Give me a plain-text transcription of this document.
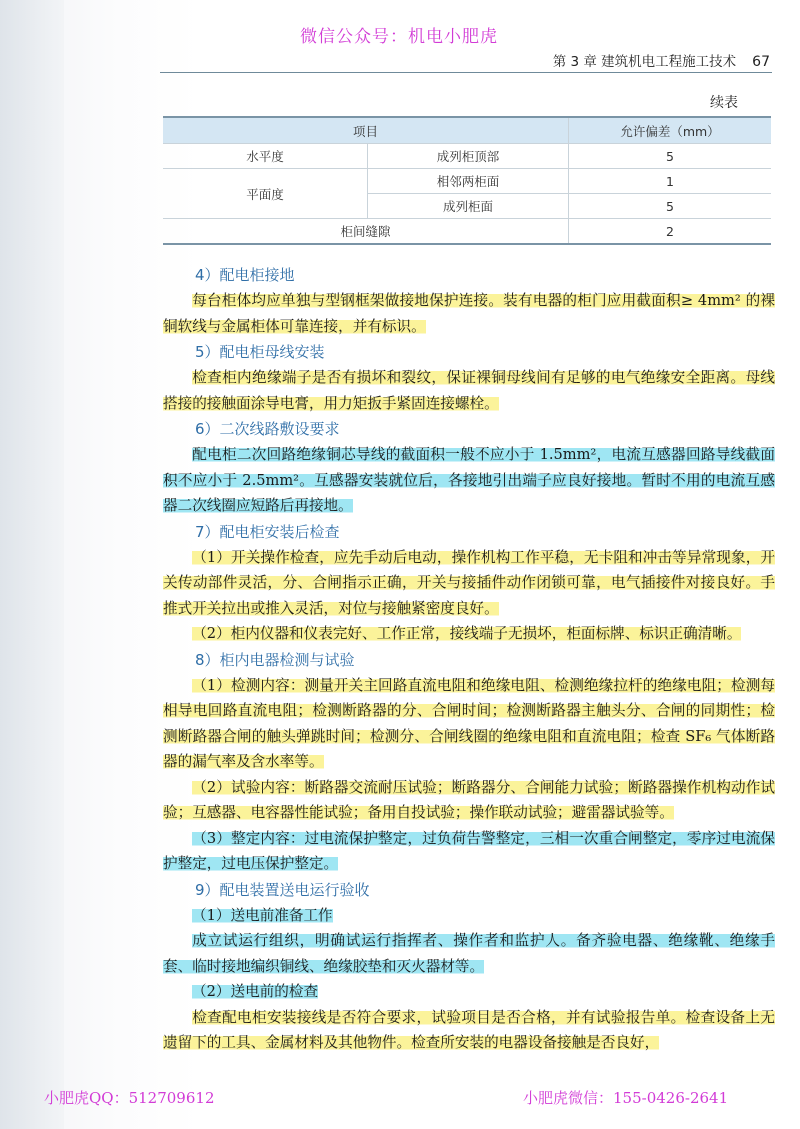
微信公众号：机电小肥虎
第 3 章 建筑机电工程施工技术 67
续表
项目		允许偏差（mm）
水平度	成列柜顶部	5
平面度	相邻两柜面	1
	成列柜面	5
柜间缝隙		2
4）配电柜接地

每台柜体均应单独与型钢框架做接地保护连接。装有电器的柜门应用截面积≥ 4mm² 的裸铜软线与金属柜体可靠连接，并有标识。

5）配电柜母线安装

检查柜内绝缘端子是否有损坏和裂纹，保证裸铜母线间有足够的电气绝缘安全距离。母线搭接的接触面涂导电膏，用力矩扳手紧固连接螺栓。

6）二次线路敷设要求

配电柜二次回路绝缘铜芯导线的截面积一般不应小于 1.5mm²，电流互感器回路导线截面积不应小于 2.5mm²。互感器安装就位后，各接地引出端子应良好接地。暂时不用的电流互感器二次线圈应短路后再接地。

7）配电柜安装后检查

（1）开关操作检查，应先手动后电动，操作机构工作平稳，无卡阻和冲击等异常现象，开关传动部件灵活，分、合闸指示正确，开关与接插件动作闭锁可靠，电气插接件对接良好。手推式开关拉出或推入灵活，对位与接触紧密度良好。

（2）柜内仪器和仪表完好、工作正常，接线端子无损坏，柜面标牌、标识正确清晰。

8）柜内电器检测与试验

（1）检测内容：测量开关主回路直流电阻和绝缘电阻、检测绝缘拉杆的绝缘电阻；检测每相导电回路直流电阻；检测断路器的分、合闸时间；检测断路器主触头分、合闸的同期性；检测断路器合闸的触头弹跳时间；检测分、合闸线圈的绝缘电阻和直流电阻；检查 SF₆ 气体断路器的漏气率及含水率等。

（2）试验内容：断路器交流耐压试验；断路器分、合闸能力试验；断路器操作机构动作试验；互感器、电容器性能试验；备用自投试验；操作联动试验；避雷器试验等。

（3）整定内容：过电流保护整定，过负荷告警整定，三相一次重合闸整定，零序过电流保护整定，过电压保护整定。

9）配电装置送电运行验收

（1）送电前准备工作

成立试运行组织，明确试运行指挥者、操作者和监护人。备齐验电器、绝缘靴、绝缘手套、临时接地编织铜线、绝缘胶垫和灭火器材等。

（2）送电前的检查

检查配电柜安装接线是否符合要求，试验项目是否合格，并有试验报告单。检查设备上无遗留下的工具、金属材料及其他物件。检查所安装的电器设备接触是否良好，

小肥虎QQ：512709612	小肥虎微信：155-0426-2641
